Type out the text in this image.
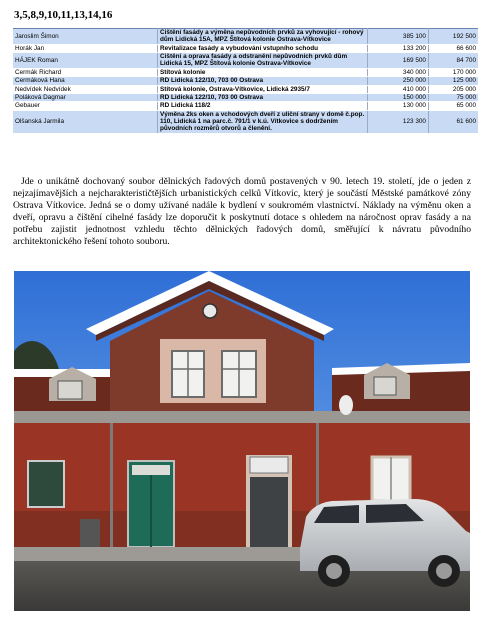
3,5,8,9,10,11,13,14,16
Jaroslim Šimon	Čištění fasády a výměna nepůvodních prvků za vyhovující - rohový dům Lidická 15A, MPZ Štítová kolonie Ostrava-Vítkovice	385 100	192 500
Horák Jan	Revitalizace fasády a vybudování vstupního schodu	133 200	66 600
HÁJEK Roman	Čištění a oprava fasády a odstranění nepůvodních prvků dům Lidická 15, MPZ Štítová kolonie Ostrava-Vítkovice	169 500	84 700
Čermák Richard	Štítová kolonie	340 000	170 000
Čermáková Hana	RD Lidická 122/10, 703 00 Ostrava	250 000	125 000
Nedvídek Nedvídek	Štítová kolonie, Ostrava-Vítkovice, Lidická 2935/7	410 000	205 000
Poláková Dagmar	RD Lidická 122/10, 703 00 Ostrava	150 000	75 000
Gebauer	RD Lidická 118/2	130 000	65 000
Olšanská Jarmila	Výměna 2ks oken a vchodových dveří z uliční strany v domě č.pop. 110, Lidická 1 na parc.č. 791/1 v k.ú. Vítkovice s dodržením původních rozměrů otvorů a členění.	123 300	61 600

Jde o unikátně dochovaný soubor dělnických řadových domů postavených v 90. letech 19. století, jde o jeden z nejzajímavějších a nejcharakterističtějších urbanistických celků Vítkovic, který je součástí Městské památkové zóny Ostrava Vítkovice. Jedná se o domy užívané nadále k bydlení v soukromém vlastnictví. Náklady na výměnu oken a dveří, opravu a čištění cihelné fasády lze doporučit k poskytnutí dotace s ohledem na náročnost oprav fasády a na potřebu zajistit jednotnost vzhledu těchto dělnických řadových domů, směřující k návratu původního architektonického řešení tohoto souboru.
